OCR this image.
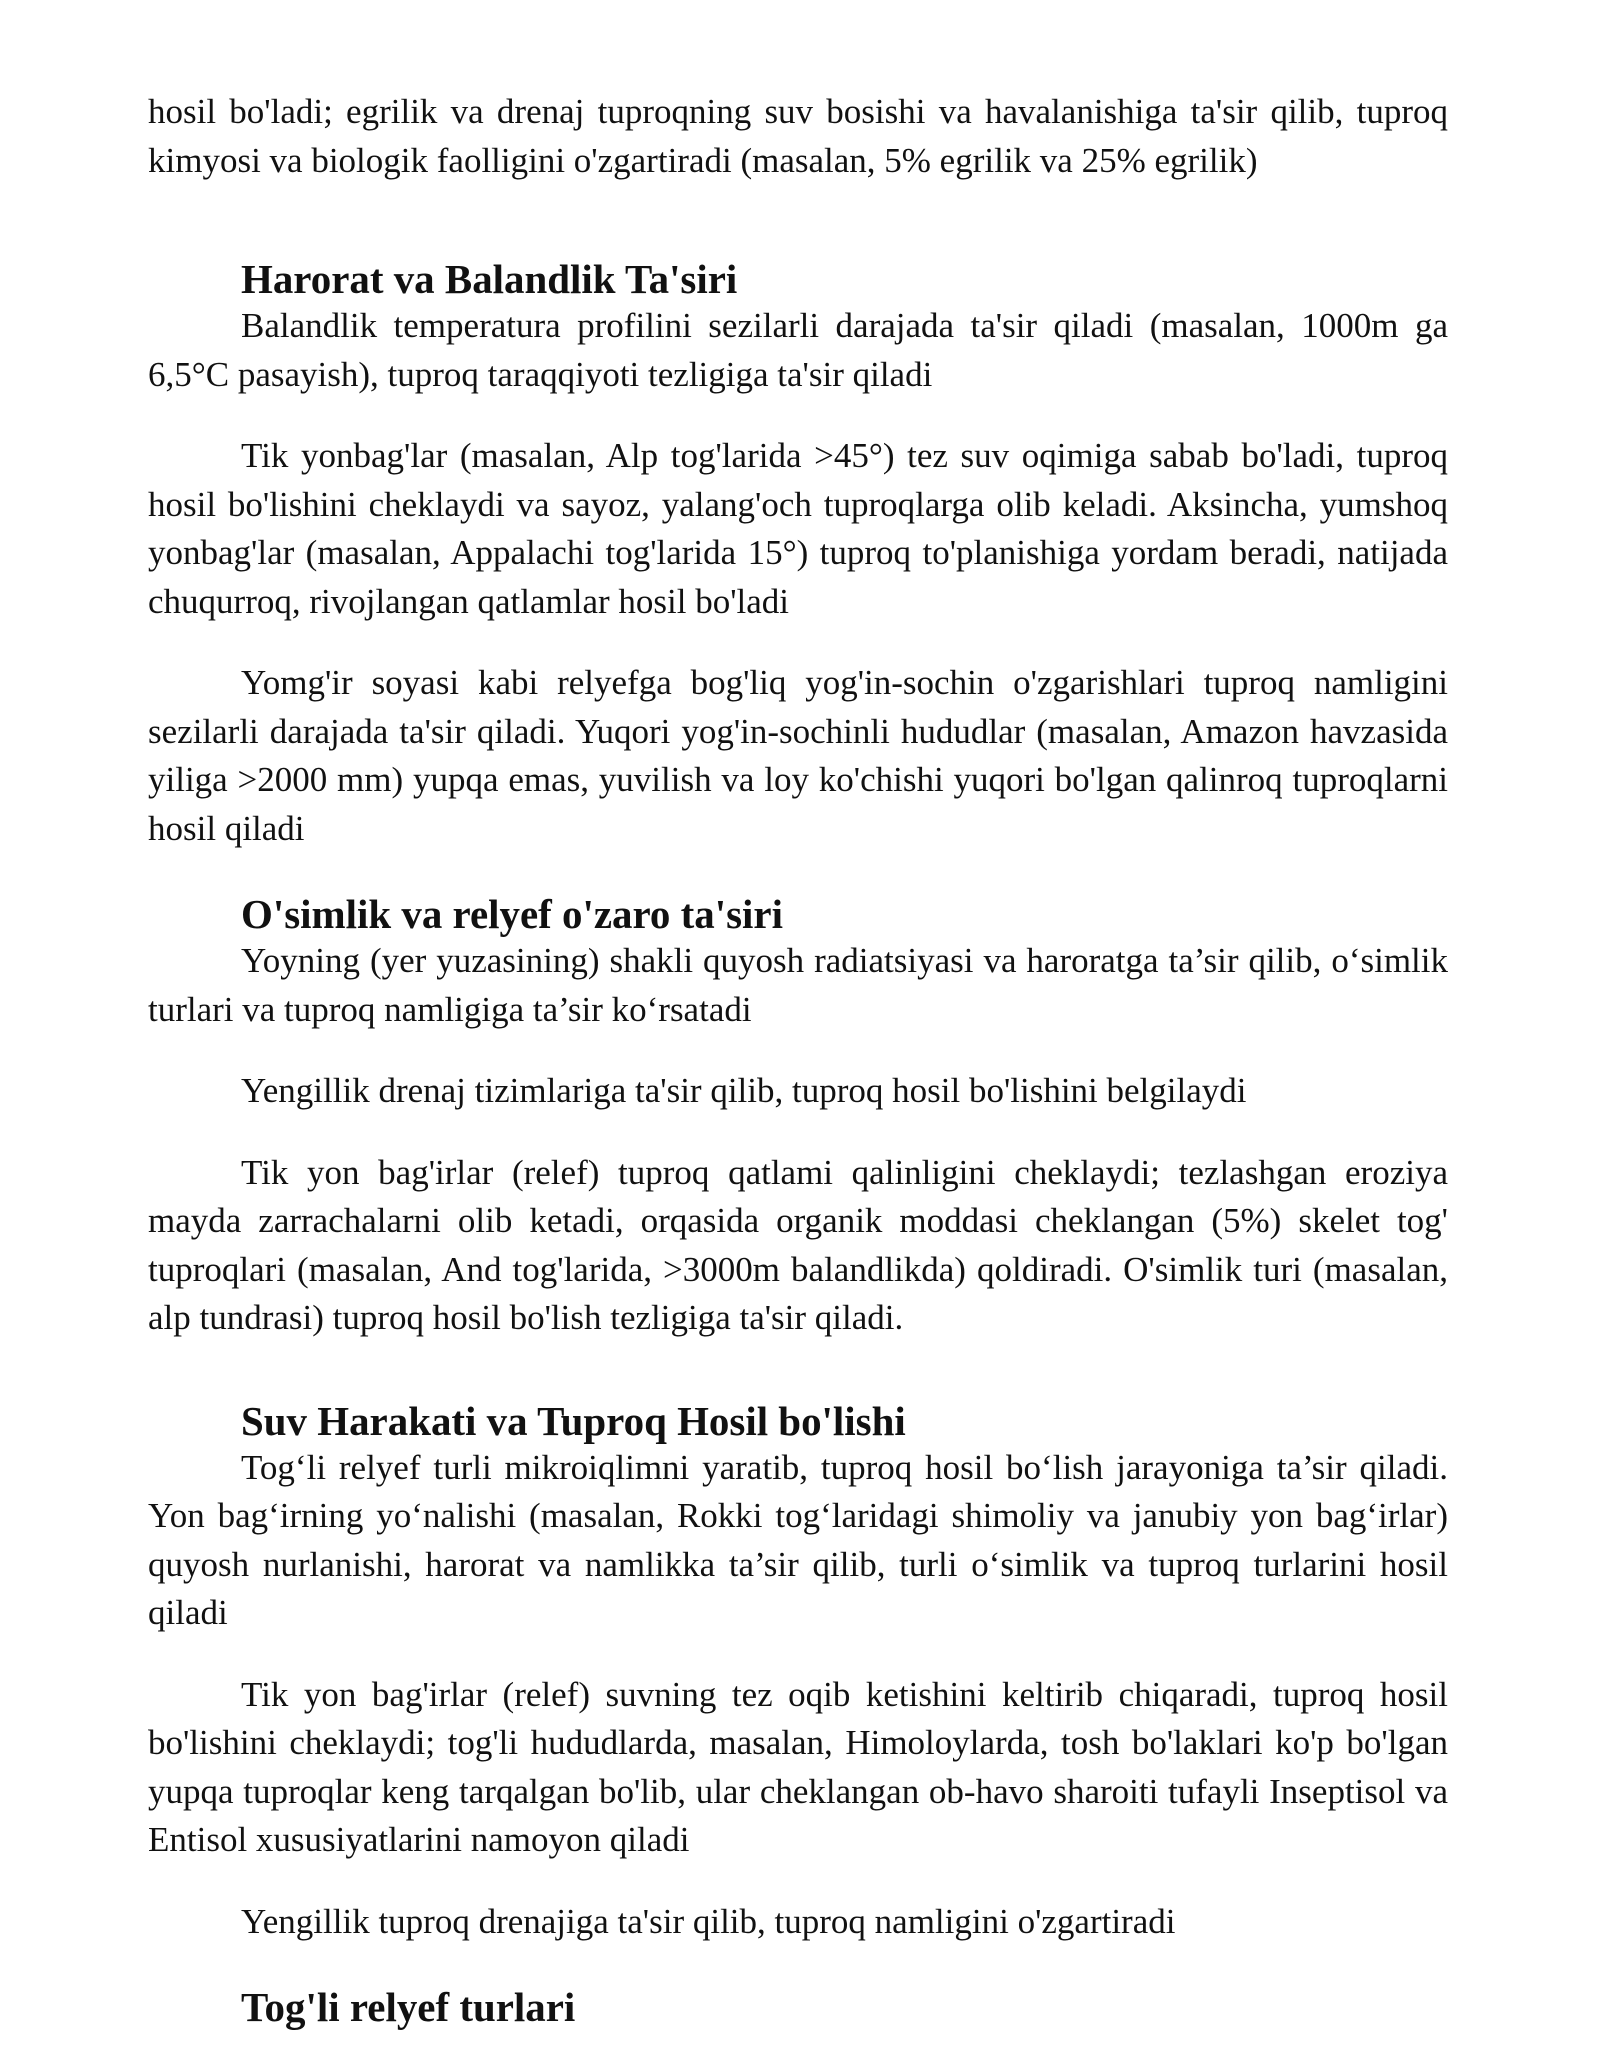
hosil bo'ladi; egrilik va drenaj tuproqning suv bosishi va havalanishiga ta'sir qilib, tuproq kimyosi va biologik faolligini o'zgartiradi (masalan, 5% egrilik va 25% egrilik)

Harorat va Balandlik Ta'siri

Balandlik temperatura profilini sezilarli darajada ta'sir qiladi (masalan, 1000m ga 6,5°C pasayish), tuproq taraqqiyoti tezligiga ta'sir qiladi

Tik yonbag'lar (masalan, Alp tog'larida >45°) tez suv oqimiga sabab bo'ladi, tuproq hosil bo'lishini cheklaydi va sayoz, yalang'och tuproqlarga olib keladi. Aksincha, yumshoq yonbag'lar (masalan, Appalachi tog'larida 15°) tuproq to'planishiga yordam beradi, natijada chuqurroq, rivojlangan qatlamlar hosil bo'ladi

Yomg'ir soyasi kabi relyefga bog'liq yog'in-sochin o'zgarishlari tuproq namligini sezilarli darajada ta'sir qiladi. Yuqori yog'in-sochinli hududlar (masalan, Amazon havzasida yiliga >2000 mm) yupqa emas, yuvilish va loy ko'chishi yuqori bo'lgan qalinroq tuproqlarni hosil qiladi

O'simlik va relyef o'zaro ta'siri

Yoyning (yer yuzasining) shakli quyosh radiatsiyasi va haroratga ta’sir qilib, o‘simlik turlari va tuproq namligiga ta’sir ko‘rsatadi

Yengillik drenaj tizimlariga ta'sir qilib, tuproq hosil bo'lishini belgilaydi

Tik yon bag'irlar (relef) tuproq qatlami qalinligini cheklaydi; tezlashgan eroziya mayda zarrachalarni olib ketadi, orqasida organik moddasi cheklangan (5%) skelet tog' tuproqlari (masalan, And tog'larida, >3000m balandlikda) qoldiradi. O'simlik turi (masalan, alp tundrasi) tuproq hosil bo'lish tezligiga ta'sir qiladi.

Suv Harakati va Tuproq Hosil bo'lishi

Tog‘li relyef turli mikroiqlimni yaratib, tuproq hosil bo‘lish jarayoniga ta’sir qiladi. Yon bag‘irning yo‘nalishi (masalan, Rokki tog‘laridagi shimoliy va janubiy yon bag‘irlar) quyosh nurlanishi, harorat va namlikka ta’sir qilib, turli o‘simlik va tuproq turlarini hosil qiladi

Tik yon bag'irlar (relef) suvning tez oqib ketishini keltirib chiqaradi, tuproq hosil bo'lishini cheklaydi; tog'li hududlarda, masalan, Himoloylarda, tosh bo'laklari ko'p bo'lgan yupqa tuproqlar keng tarqalgan bo'lib, ular cheklangan ob-havo sharoiti tufayli Inseptisol va Entisol xususiyatlarini namoyon qiladi

Yengillik tuproq drenajiga ta'sir qilib, tuproq namligini o'zgartiradi

Tog'li relyef turlari
